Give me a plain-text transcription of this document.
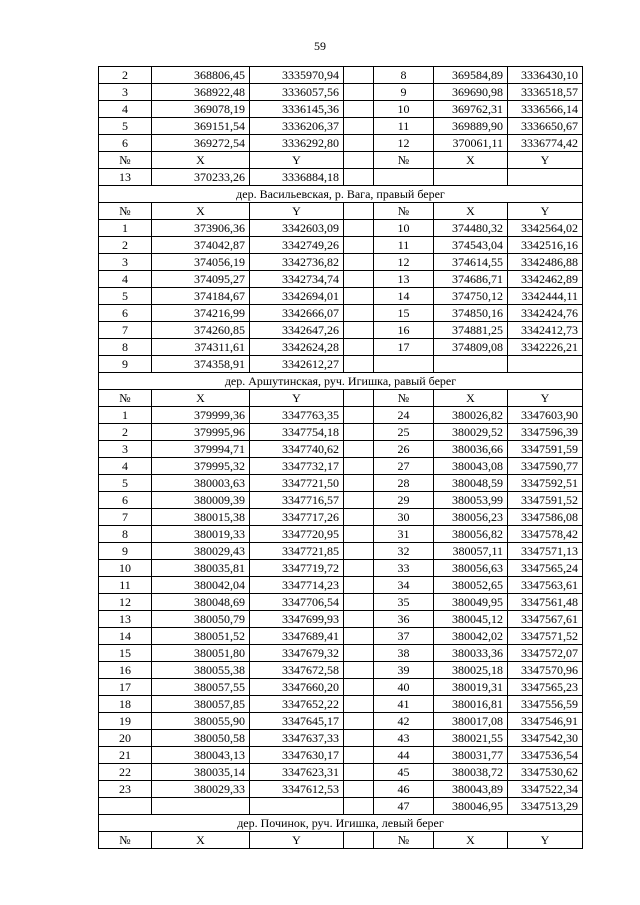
59
2	368806,45	3335970,94		8	369584,89	3336430,10
3	368922,48	3336057,56		9	369690,98	3336518,57
4	369078,19	3336145,36		10	369762,31	3336566,14
5	369151,54	3336206,37		11	369889,90	3336650,67
6	369272,54	3336292,80		12	370061,11	3336774,42
№	X	Y		№	X	Y
13	370233,26	3336884,18				
дер. Васильевская, р. Вага, правый берег						
№	X	Y		№	X	Y
1	373906,36	3342603,09		10	374480,32	3342564,02
2	374042,87	3342749,26		11	374543,04	3342516,16
3	374056,19	3342736,82		12	374614,55	3342486,88
4	374095,27	3342734,74		13	374686,71	3342462,89
5	374184,67	3342694,01		14	374750,12	3342444,11
6	374216,99	3342666,07		15	374850,16	3342424,76
7	374260,85	3342647,26		16	374881,25	3342412,73
8	374311,61	3342624,28		17	374809,08	3342226,21
9	374358,91	3342612,27				
дер. Аршутинская, руч. Игишка, равый берег						
№	X	Y		№	X	Y
1	379999,36	3347763,35		24	380026,82	3347603,90
2	379995,96	3347754,18		25	380029,52	3347596,39
3	379994,71	3347740,62		26	380036,66	3347591,59
4	379995,32	3347732,17		27	380043,08	3347590,77
5	380003,63	3347721,50		28	380048,59	3347592,51
6	380009,39	3347716,57		29	380053,99	3347591,52
7	380015,38	3347717,26		30	380056,23	3347586,08
8	380019,33	3347720,95		31	380056,82	3347578,42
9	380029,43	3347721,85		32	380057,11	3347571,13
10	380035,81	3347719,72		33	380056,63	3347565,24
11	380042,04	3347714,23		34	380052,65	3347563,61
12	380048,69	3347706,54		35	380049,95	3347561,48
13	380050,79	3347699,93		36	380045,12	3347567,61
14	380051,52	3347689,41		37	380042,02	3347571,52
15	380051,80	3347679,32		38	380033,36	3347572,07
16	380055,38	3347672,58		39	380025,18	3347570,96
17	380057,55	3347660,20		40	380019,31	3347565,23
18	380057,85	3347652,22		41	380016,81	3347556,59
19	380055,90	3347645,17		42	380017,08	3347546,91
20	380050,58	3347637,33		43	380021,55	3347542,30
21	380043,13	3347630,17		44	380031,77	3347536,54
22	380035,14	3347623,31		45	380038,72	3347530,62
23	380029,33	3347612,53		46	380043,89	3347522,34
				47	380046,95	3347513,29
дер. Починок, руч. Игишка, левый берег						
№	X	Y		№	X	Y
